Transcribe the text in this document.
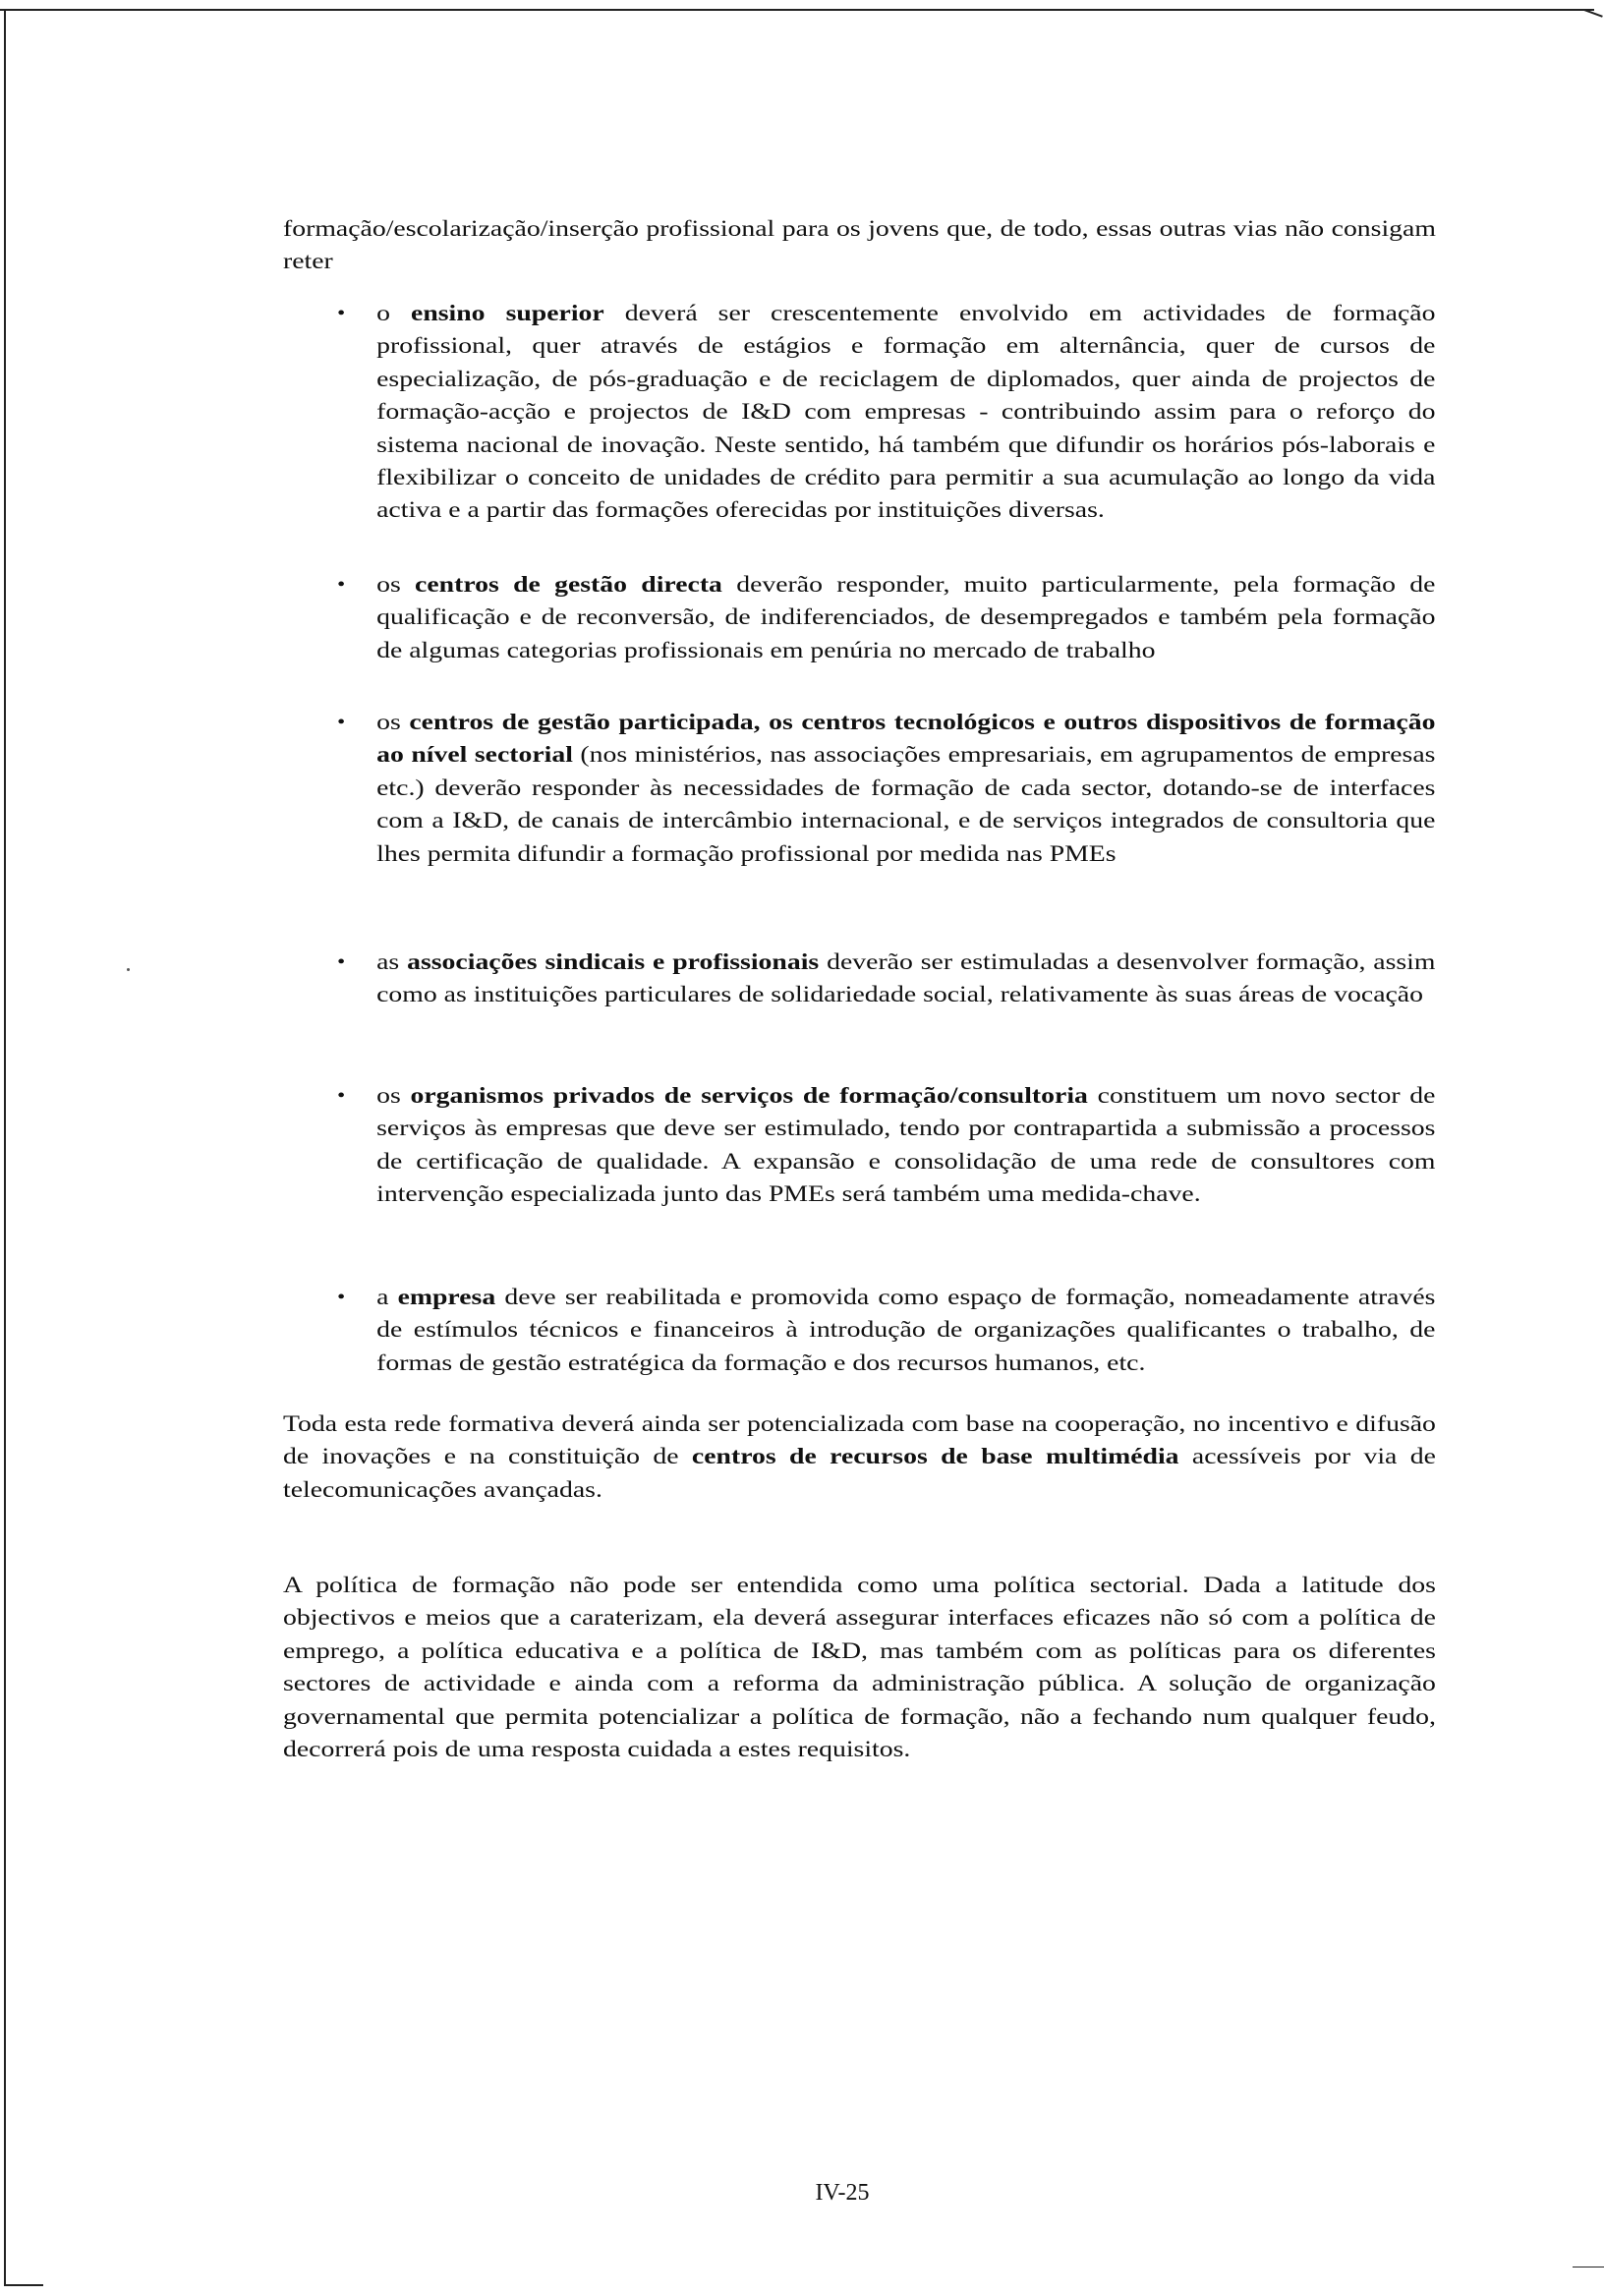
formação/escolarização/inserção profissional para os jovens que, de todo, essas outras vias não consigam reter
• o ensino superior deverá ser crescentemente envolvido em actividades de formação profissional, quer através de estágios e formação em alternância, quer de cursos de especialização, de pós-graduação e de reciclagem de diplomados, quer ainda de projectos de formação-acção e projectos de I&D com empresas - contribuindo assim para o reforço do sistema nacional de inovação. Neste sentido, há também que difundir os horários pós-laborais e flexibilizar o conceito de unidades de crédito para permitir a sua acumulação ao longo da vida activa e a partir das formações oferecidas por instituições diversas.
• os centros de gestão directa deverão responder, muito particularmente, pela formação de qualificação e de reconversão, de indiferenciados, de desempregados e também pela formação de algumas categorias profissionais em penúria no mercado de trabalho
• os centros de gestão participada, os centros tecnológicos e outros dispositivos de formação ao nível sectorial (nos ministérios, nas associações empresariais, em agrupamentos de empresas etc.) deverão responder às necessidades de formação de cada sector, dotando-se de interfaces com a I&D, de canais de intercâmbio internacional, e de serviços integrados de consultoria que lhes permita difundir a formação profissional por medida nas PMEs
• as associações sindicais e profissionais deverão ser estimuladas a desenvolver formação, assim como as instituições particulares de solidariedade social, relativamente às suas áreas de vocação
• os organismos privados de serviços de formação/consultoria constituem um novo sector de serviços às empresas que deve ser estimulado, tendo por contrapartida a submissão a processos de certificação de qualidade. A expansão e consolidação de uma rede de consultores com intervenção especializada junto das PMEs será também uma medida-chave.
• a empresa deve ser reabilitada e promovida como espaço de formação, nomeadamente através de estímulos técnicos e financeiros à introdução de organizações qualificantes o trabalho, de formas de gestão estratégica da formação e dos recursos humanos, etc.
Toda esta rede formativa deverá ainda ser potencializada com base na cooperação, no incentivo e difusão de inovações e na constituição de centros de recursos de base multimédia acessíveis por via de telecomunicações avançadas.
A política de formação não pode ser entendida como uma política sectorial. Dada a latitude dos objectivos e meios que a caraterizam, ela deverá assegurar interfaces eficazes não só com a política de emprego, a política educativa e a política de I&D, mas também com as políticas para os diferentes sectores de actividade e ainda com a reforma da administração pública. A solução de organização governamental que permita potencializar a política de formação, não a fechando num qualquer feudo, decorrerá pois de uma resposta cuidada a estes requisitos.
IV-25
